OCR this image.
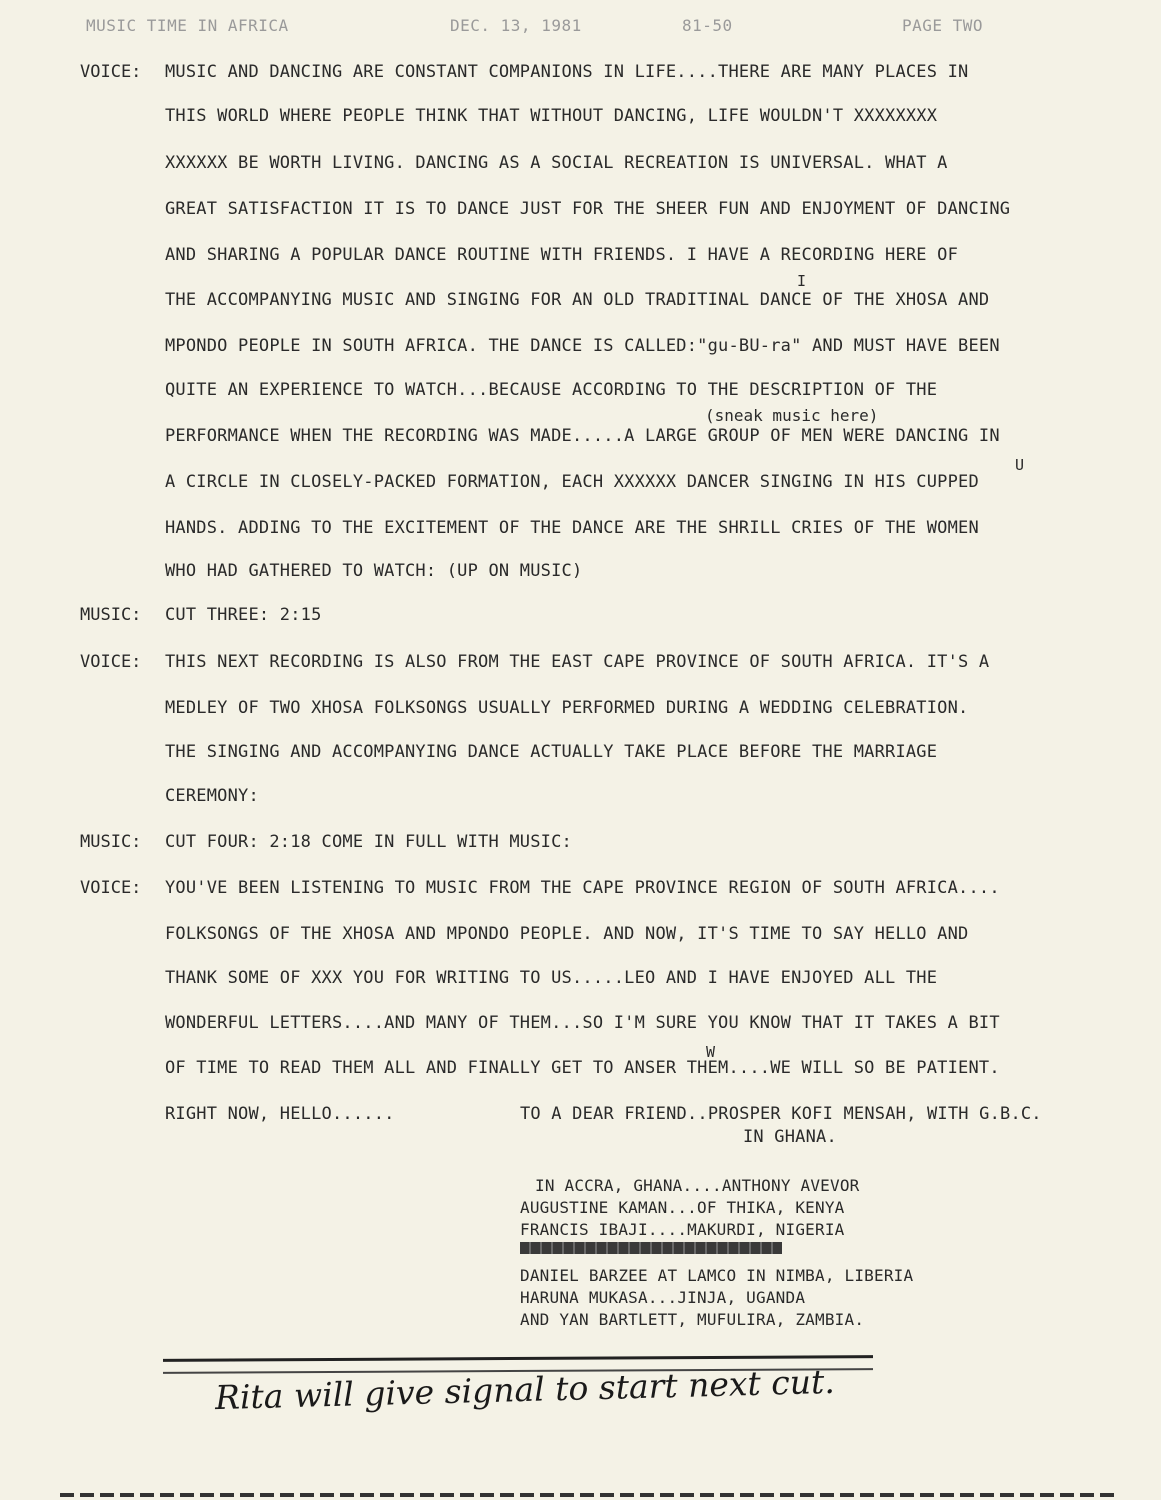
MUSIC TIME IN AFRICA	DEC. 13, 1981	81-50	PAGE TWO
VOICE: MUSIC AND DANCING ARE CONSTANT COMPANIONS IN LIFE....THERE ARE MANY PLACES IN
THIS WORLD WHERE PEOPLE THINK THAT WITHOUT DANCING, LIFE WOULDN'T XXXXXXXX
XXXXXX BE WORTH LIVING. DANCING AS A SOCIAL RECREATION IS UNIVERSAL. WHAT A
GREAT SATISFACTION IT IS TO DANCE JUST FOR THE SHEER FUN AND ENJOYMENT OF DANCING
AND SHARING A POPULAR DANCE ROUTINE WITH FRIENDS. I HAVE A RECORDING HERE OF
I
THE ACCOMPANYING MUSIC AND SINGING FOR AN OLD TRADITINAL DANCE OF THE XHOSA AND
MPONDO PEOPLE IN SOUTH AFRICA. THE DANCE IS CALLED:"gu-BU-ra" AND MUST HAVE BEEN
QUITE AN EXPERIENCE TO WATCH...BECAUSE ACCORDING TO THE DESCRIPTION OF THE
(sneak music here)
PERFORMANCE WHEN THE RECORDING WAS MADE.....A LARGE GROUP OF MEN WERE DANCING IN
U
A CIRCLE IN CLOSELY-PACKED FORMATION, EACH XXXXXX DANCER SINGING IN HIS CUPPED
HANDS. ADDING TO THE EXCITEMENT OF THE DANCE ARE THE SHRILL CRIES OF THE WOMEN
WHO HAD GATHERED TO WATCH: (UP ON MUSIC)
MUSIC: CUT THREE: 2:15
VOICE: THIS NEXT RECORDING IS ALSO FROM THE EAST CAPE PROVINCE OF SOUTH AFRICA. IT'S A
MEDLEY OF TWO XHOSA FOLKSONGS USUALLY PERFORMED DURING A WEDDING CELEBRATION.
THE SINGING AND ACCOMPANYING DANCE ACTUALLY TAKE PLACE BEFORE THE MARRIAGE
CEREMONY:
MUSIC: CUT FOUR: 2:18 COME IN FULL WITH MUSIC:
VOICE: YOU'VE BEEN LISTENING TO MUSIC FROM THE CAPE PROVINCE REGION OF SOUTH AFRICA....
FOLKSONGS OF THE XHOSA AND MPONDO PEOPLE. AND NOW, IT'S TIME TO SAY HELLO AND
THANK SOME OF XXX YOU FOR WRITING TO US.....LEO AND I HAVE ENJOYED ALL THE
WONDERFUL LETTERS....AND MANY OF THEM...SO I'M SURE YOU KNOW THAT IT TAKES A BIT
W
OF TIME TO READ THEM ALL AND FINALLY GET TO ANSER THEM....WE WILL SO BE PATIENT.
RIGHT NOW, HELLO......	TO A DEAR FRIEND..PROSPER KOFI MENSAH, WITH G.B.C.
IN GHANA.
IN ACCRA, GHANA....ANTHONY AVEVOR
AUGUSTINE KAMAN...OF THIKA, KENYA
FRANCIS IBAJI....MAKURDI, NIGERIA
DANIEL BARZEE AT LAMCO IN NIMBA, LIBERIA
HARUNA MUKASA...JINJA, UGANDA
AND YAN BARTLETT, MUFULIRA, ZAMBIA.
Rita will give signal to start next cut.
